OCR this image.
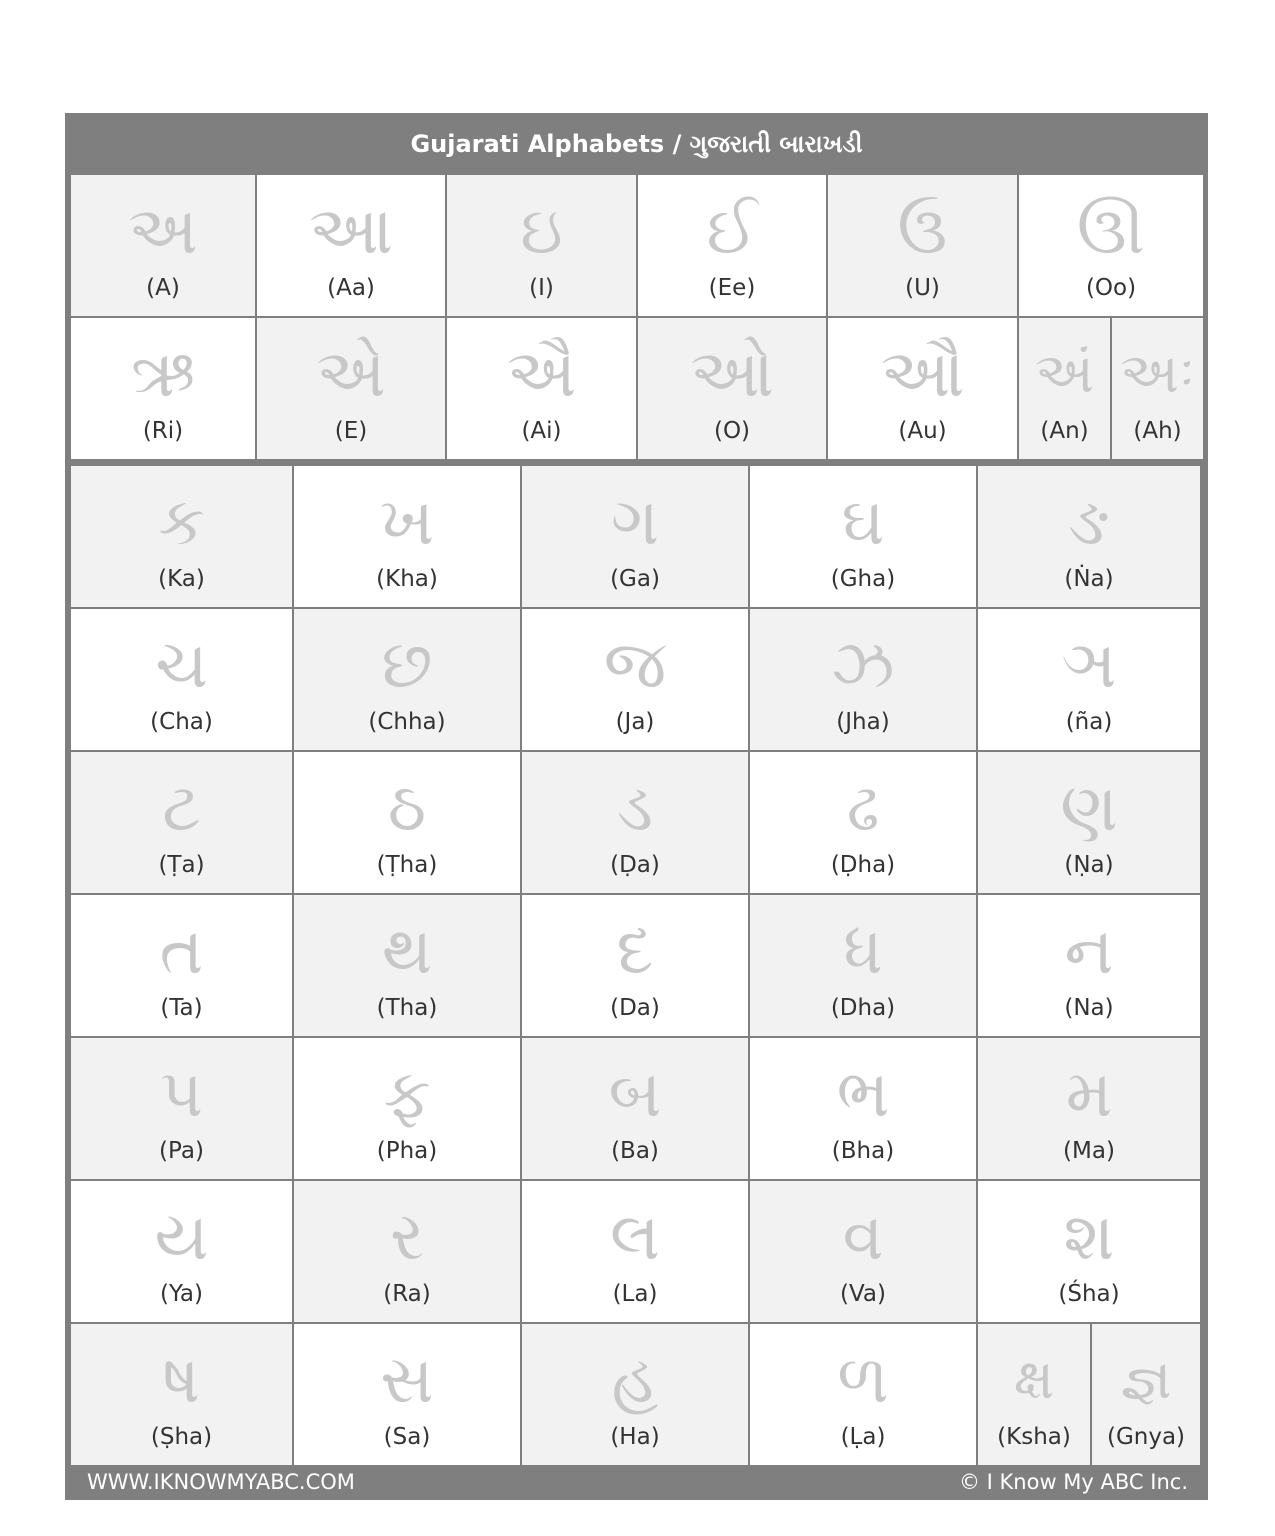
Gujarati Alphabets / ગુજરાતી બારાખડી
અ
(A)
આ
(Aa)
ઇ
(I)
ઈ
(Ee)
ઉ
(U)
ઊ
(Oo)
ઋ
(Ri)
એ
(E)
ઐ
(Ai)
ઓ
(O)
ઔ
(Au)
અં
(An)
અઃ
(Ah)
ક
(Ka)
ખ
(Kha)
ગ
(Ga)
ઘ
(Gha)
ઙ
(Ṅa)
ચ
(Cha)
છ
(Chha)
જ
(Ja)
ઝ
(Jha)
ઞ
(ña)
ટ
(Ṭa)
ઠ
(Ṭha)
ડ
(Ḍa)
ઢ
(Ḍha)
ણ
(Ṇa)
ત
(Ta)
થ
(Tha)
દ
(Da)
ધ
(Dha)
ન
(Na)
પ
(Pa)
ફ
(Pha)
બ
(Ba)
ભ
(Bha)
મ
(Ma)
ય
(Ya)
ર
(Ra)
લ
(La)
વ
(Va)
શ
(Śha)
ષ
(Ṣha)
સ
(Sa)
હ
(Ha)
ળ
(Ḷa)
ક્ષ
(Ksha)
જ્ઞ
(Gnya)
WWW.IKNOWMYABC.COM	© I Know My ABC Inc.
